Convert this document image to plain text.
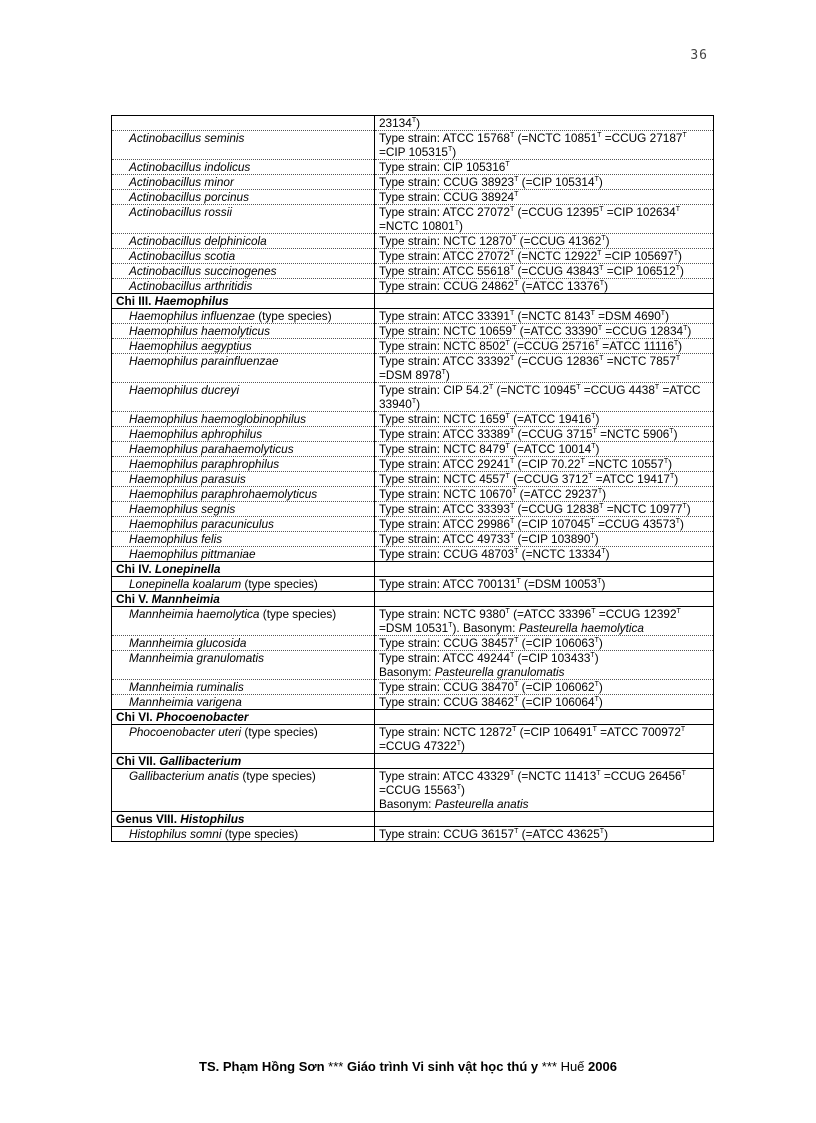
36
	$23134^T$)
Actinobacillus seminis	Type strain: ATCC $15768^T$ (=NCTC $10851^T$ =CCUG $27187^T =CIP$ $105315^T$)
Actinobacillus indolicus	Type strain: CIP $105316^T$
Actinobacillus minor	Type strain: CCUG $38923^T$ (=CIP $105314^T$)
Actinobacillus porcinus	Type strain: CCUG $38924^T$
Actinobacillus rossii	Type strain: ATCC $27072^T$ (=CCUG $12395^T =CIP$ $102634^T$ =NCTC $10801^T$)
Actinobacillus delphinicola	Type strain: NCTC $12870^T$ (=CCUG $41362^T$)
Actinobacillus scotia	Type strain: ATCC $27072^T$ (=NCTC $12922^T =CIP$ $105697^T$)
Actinobacillus succinogenes	Type strain: ATCC $55618^T$ (=CCUG $43843^T =CIP$ $106512^T$)
Actinobacillus arthritidis	Type strain: CCUG $24862^T$ (=ATCC $13376^T$)
Chi III. Haemophilus	
Haemophilus influenzae (type species)	Type strain: ATCC $33391^T$ (=NCTC $8143^T =DSM$ $4690^T$)
Haemophilus haemolyticus	Type strain: NCTC $10659^T$ (=ATCC $33390^T$ =CCUG $12834^T$)
Haemophilus aegyptius	Type strain: NCTC $8502^T$ (=CCUG $25716^T$ =ATCC $11116^T$)
Haemophilus parainfluenzae	Type strain: ATCC $33392^T$ (=CCUG $12836^T$ =NCTC $7857^T =DSM$ $8978^T$)
Haemophilus ducreyi	Type strain: CIP $54.2^T$ (=NCTC $10945^T$ =CCUG $4438^T$ =ATCC $33940^T$)
Haemophilus haemoglobinophilus	Type strain: NCTC $1659^T$ (=ATCC $19416^T$)
Haemophilus aphrophilus	Type strain: ATCC $33389^T$ (=CCUG $3715^T$ =NCTC $5906^T$)
Haemophilus parahaemolyticus	Type strain: NCTC $8479^T$ (=ATCC $10014^T$)
Haemophilus paraphrophilus	Type strain: ATCC $29241^T$ (=CIP $70.22^T$ =NCTC $10557^T$)
Haemophilus parasuis	Type strain: NCTC $4557^T$ (=CCUG $3712^T$ =ATCC $19417^T$)
Haemophilus paraphrohaemolyticus	Type strain: NCTC $10670^T$ (=ATCC $29237^T$)
Haemophilus segnis	Type strain: ATCC $33393^T$ (=CCUG $12838^T$ =NCTC $10977^T$)
Haemophilus paracuniculus	Type strain: ATCC $29986^T$ (=CIP $107045^T$ =CCUG $43573^T$)
Haemophilus felis	Type strain: ATCC $49733^T$ (=CIP $103890^T$)
Haemophilus pittmaniae	Type strain: CCUG $48703^T$ (=NCTC $13334^T$)
Chi IV. Lonepinella	
Lonepinella koalarum (type species)	Type strain: ATCC $700131^T$ (=DSM $10053^T$)
Chi V. Mannheimia	
Mannheimia haemolytica (type species)	Type strain: NCTC $9380^T$ (=ATCC $33396^T$ =CCUG $12392^T =DSM$ $10531^T$). Basonym: Pasteurella haemolytica
Mannheimia glucosida	Type strain: CCUG $38457^T$ (=CIP $106063^T$)
Mannheimia granulomatis	Type strain: ATCC $49244^T$ (=CIP $103433^T$)
Basonym: Pasteurella granulomatis
Mannheimia ruminalis	Type strain: CCUG $38470^T$ (=CIP $106062^T$)
Mannheimia varigena	Type strain: CCUG $38462^T$ (=CIP $106064^T$)
Chi VI. Phocoenobacter	
Phocoenobacter uteri (type species)	Type strain: NCTC $12872^T$ (=CIP $106491^T$ =ATCC $700972^T$ =CCUG $47322^T$)
Chi VII. Gallibacterium	
Gallibacterium anatis (type species)	Type strain: ATCC $43329^T$ (=NCTC $11413^T$ =CCUG $26456^T$ =CCUG $15563^T$)
Basonym: Pasteurella anatis
Genus VIII. Histophilus	
Histophilus somni (type species)	Type strain: CCUG $36157^T$ (=ATCC $43625^T$)
TS. Phạm Hồng Sơn *** Giáo trình Vi sinh vật học thú y *** Huế 2006
